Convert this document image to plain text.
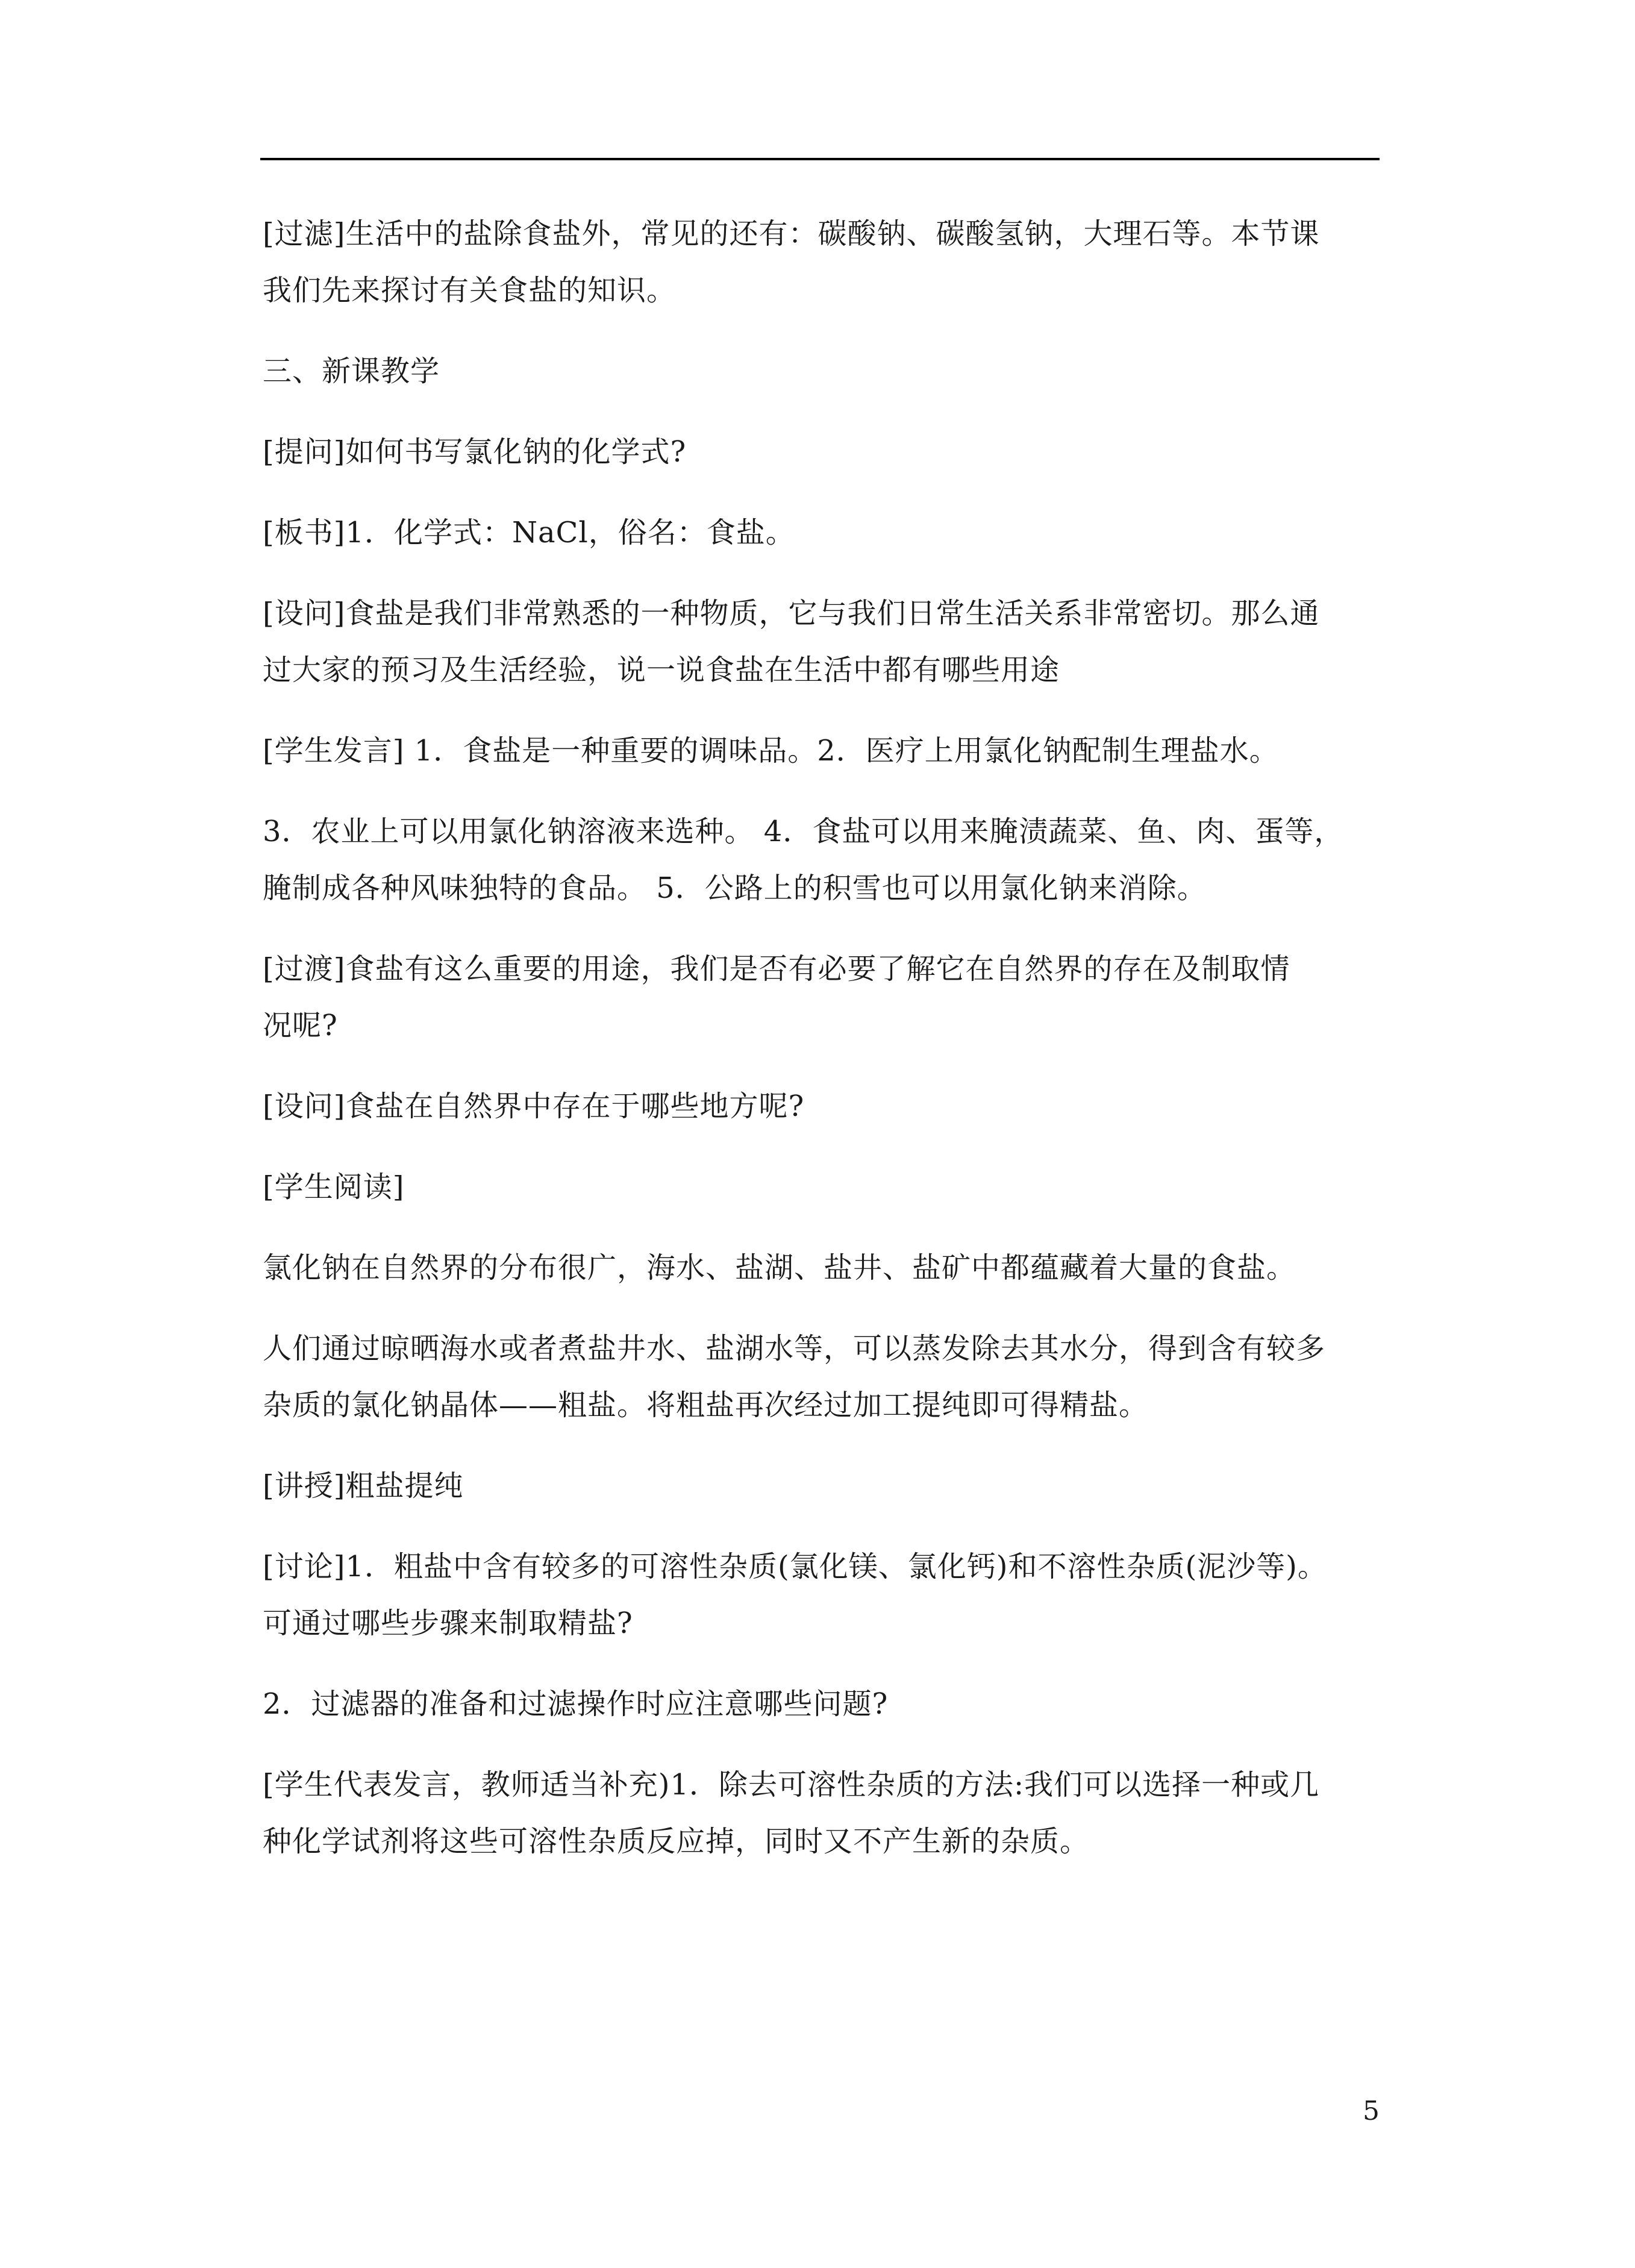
[过滤]生活中的盐除食盐外，常见的还有：碳酸钠、碳酸氢钠，大理石等。本节课
我们先来探讨有关食盐的知识。
三、新课教学
[提问]如何书写氯化钠的化学式?
[板书]1．化学式：NaCl，俗名：食盐。
[设问]食盐是我们非常熟悉的一种物质，它与我们日常生活关系非常密切。那么通
过大家的预习及生活经验，说一说食盐在生活中都有哪些用途
[学生发言] 1．食盐是一种重要的调味品。2．医疗上用氯化钠配制生理盐水。
3．农业上可以用氯化钠溶液来选种。 4．食盐可以用来腌渍蔬菜、鱼、肉、蛋等，
腌制成各种风味独特的食品。 5．公路上的积雪也可以用氯化钠来消除。
[过渡]食盐有这么重要的用途，我们是否有必要了解它在自然界的存在及制取情
况呢?
[设问]食盐在自然界中存在于哪些地方呢?
[学生阅读]
氯化钠在自然界的分布很广，海水、盐湖、盐井、盐矿中都蕴藏着大量的食盐。
人们通过晾晒海水或者煮盐井水、盐湖水等，可以蒸发除去其水分，得到含有较多
杂质的氯化钠晶体——粗盐。将粗盐再次经过加工提纯即可得精盐。
[讲授]粗盐提纯
[讨论]1．粗盐中含有较多的可溶性杂质(氯化镁、氯化钙)和不溶性杂质(泥沙等)。
可通过哪些步骤来制取精盐?
2．过滤器的准备和过滤操作时应注意哪些问题?
[学生代表发言，教师适当补充)1．除去可溶性杂质的方法:我们可以选择一种或几
种化学试剂将这些可溶性杂质反应掉，同时又不产生新的杂质。
5
